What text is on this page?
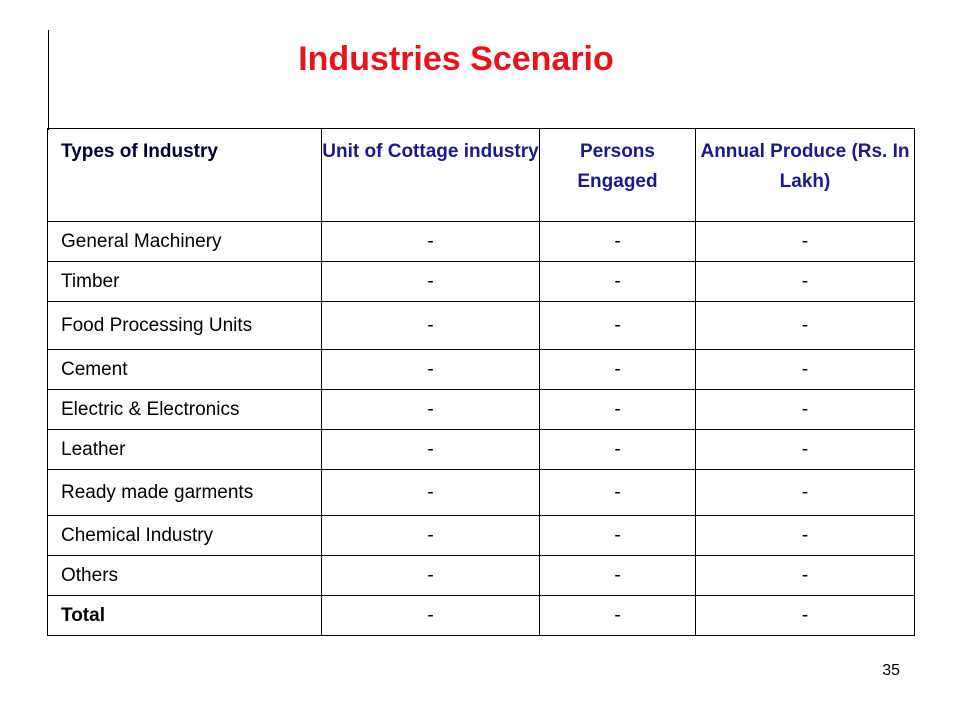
Industries Scenario
Types of Industry	Unit of Cottage industry	Persons Engaged	Annual Produce (Rs. In Lakh)
General Machinery	-	-	-
Timber	-	-	-
Food Processing Units	-	-	-
Cement	-	-	-
Electric & Electronics	-	-	-
Leather	-	-	-
Ready made garments	-	-	-
Chemical Industry	-	-	-
Others	-	-	-
Total	-	-	-
35
